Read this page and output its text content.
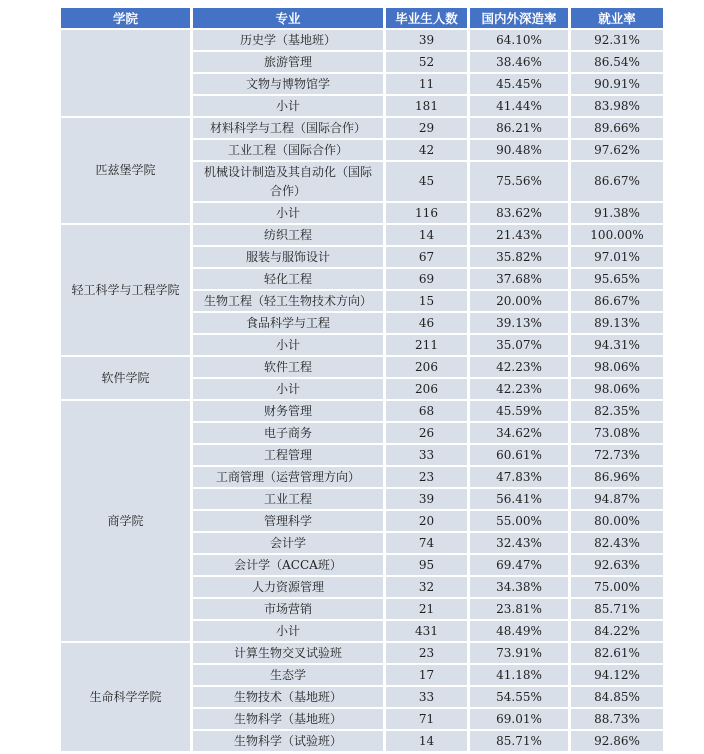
学院	专业	毕业生人数	国内外深造率	就业率
	历史学（基地班）	39	64.10%	92.31%
	旅游管理	52	38.46%	86.54%
	文物与博物馆学	11	45.45%	90.91%
	小计	181	41.44%	83.98%
匹兹堡学院	材料科学与工程（国际合作）	29	86.21%	89.66%
	工业工程（国际合作）	42	90.48%	97.62%
	机械设计制造及其自动化（国际合作）	45	75.56%	86.67%
	小计	116	83.62%	91.38%
轻工科学与工程学院	纺织工程	14	21.43%	100.00%
	服装与服饰设计	67	35.82%	97.01%
	轻化工程	69	37.68%	95.65%
	生物工程（轻工生物技术方向）	15	20.00%	86.67%
	食品科学与工程	46	39.13%	89.13%
	小计	211	35.07%	94.31%
软件学院	软件工程	206	42.23%	98.06%
	小计	206	42.23%	98.06%
商学院	财务管理	68	45.59%	82.35%
	电子商务	26	34.62%	73.08%
	工程管理	33	60.61%	72.73%
	工商管理（运营管理方向）	23	47.83%	86.96%
	工业工程	39	56.41%	94.87%
	管理科学	20	55.00%	80.00%
	会计学	74	32.43%	82.43%
	会计学（ACCA班）	95	69.47%	92.63%
	人力资源管理	32	34.38%	75.00%
	市场营销	21	23.81%	85.71%
	小计	431	48.49%	84.22%
生命科学学院	计算生物交叉试验班	23	73.91%	82.61%
	生态学	17	41.18%	94.12%
	生物技术（基地班）	33	54.55%	84.85%
	生物科学（基地班）	71	69.01%	88.73%
	生物科学（试验班）	14	85.71%	92.86%
